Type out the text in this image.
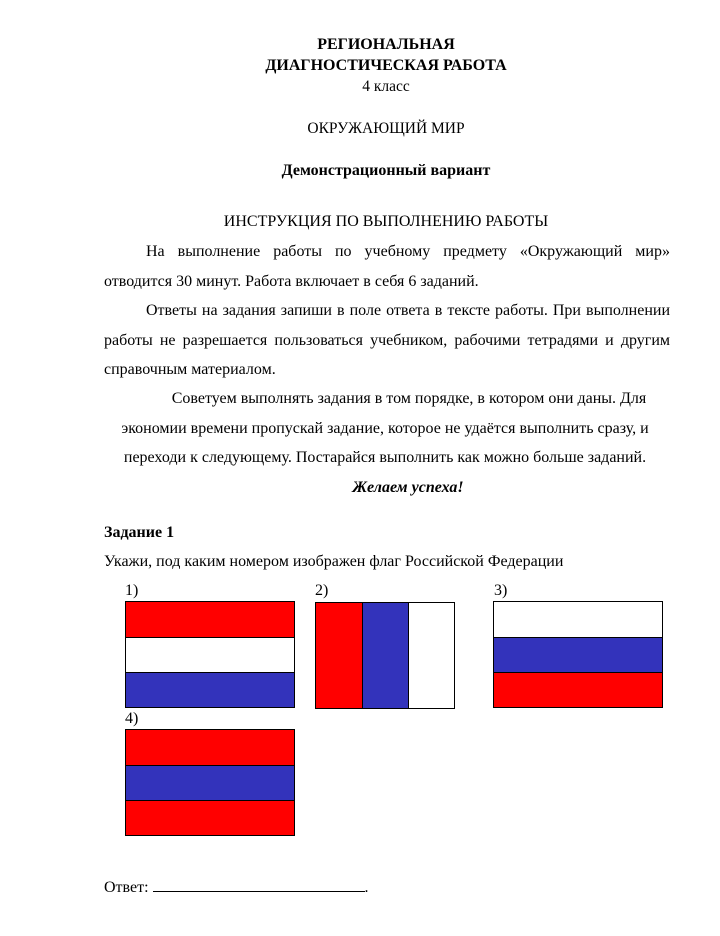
РЕГИОНАЛЬНАЯ
ДИАГНОСТИЧЕСКАЯ РАБОТА
4 класс
ОКРУЖАЮЩИЙ МИР
Демонстрационный вариант
ИНСТРУКЦИЯ ПО ВЫПОЛНЕНИЮ РАБОТЫ
На выполнение работы по учебному предмету «Окружающий мир» отводится 30 минут. Работа включает в себя 6 заданий.
Ответы на задания запиши в поле ответа в тексте работы. При выполнении работы не разрешается пользоваться учебником, рабочими тетрадями и другим справочным материалом.
Советуем выполнять задания в том порядке, в котором они даны. Для экономии времени пропускай задание, которое не удаётся выполнить сразу, и переходи к следующему. Постарайся выполнить как можно больше заданий.
Желаем успеха!
Задание 1
Укажи, под каким номером изображен флаг Российской Федерации
1)	2)	3)
4)
Ответ:	.
